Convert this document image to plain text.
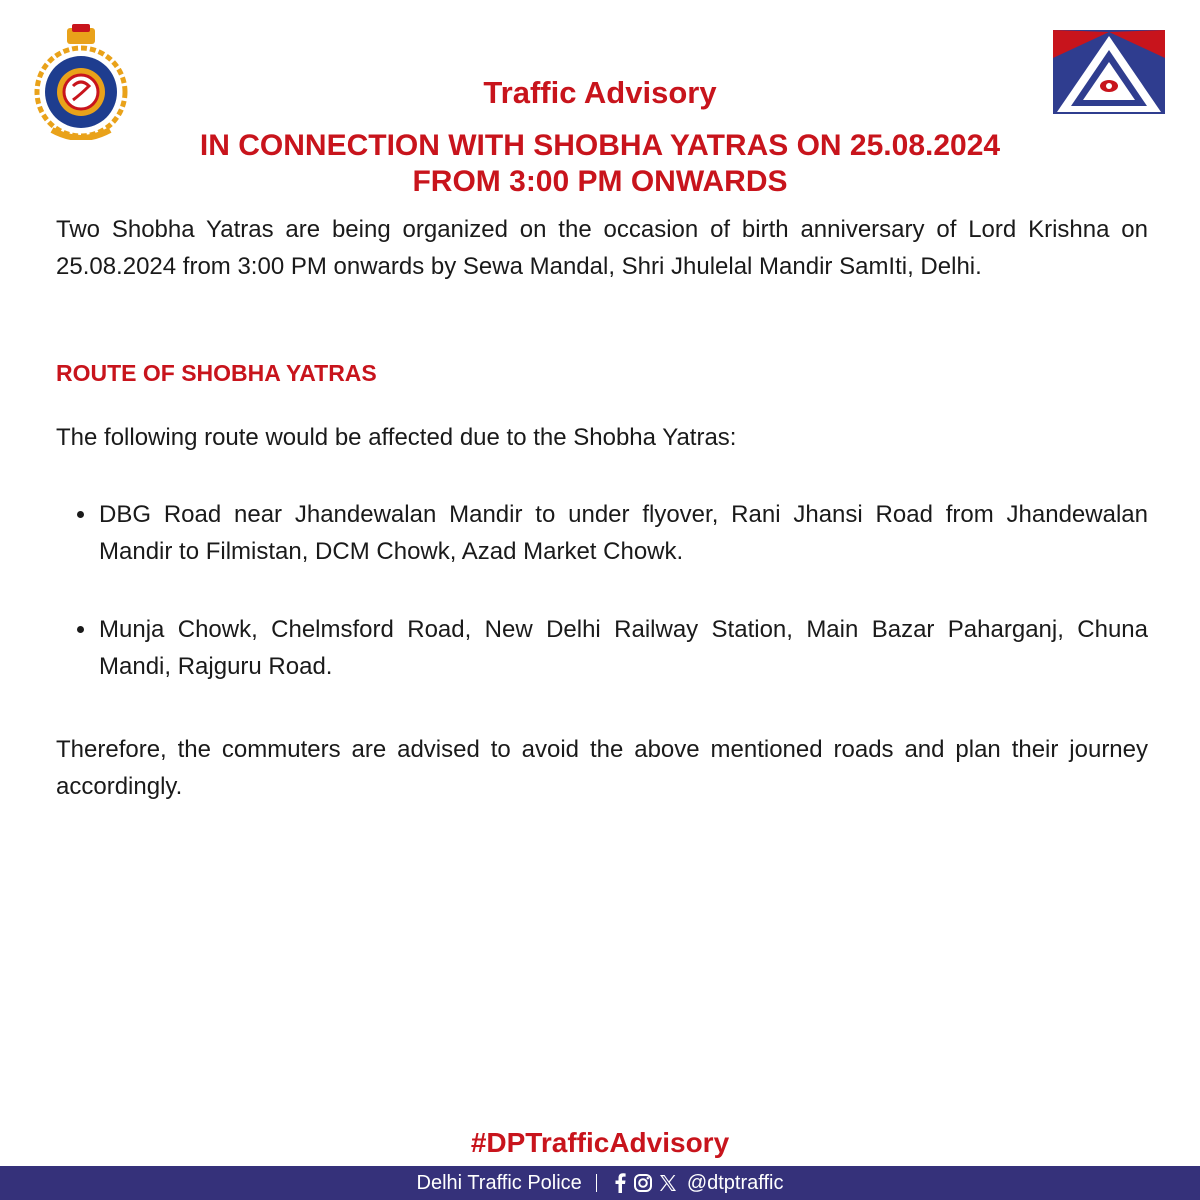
Traffic Advisory
IN CONNECTION WITH SHOBHA YATRAS ON 25.08.2024
FROM 3:00 PM ONWARDS

Two Shobha Yatras are being organized on the occasion of birth anniversary of Lord Krishna on 25.08.2024 from 3:00 PM onwards by Sewa Mandal, Shri Jhulelal Mandir SamIti, Delhi.

ROUTE OF SHOBHA YATRAS

The following route would be affected due to the Shobha Yatras:

DBG Road near Jhandewalan Mandir to under flyover, Rani Jhansi Road from Jhandewalan Mandir to Filmistan, DCM Chowk, Azad Market Chowk.
Munja Chowk, Chelmsford Road, New Delhi Railway Station, Main Bazar Paharganj, Chuna Mandi, Rajguru Road.

Therefore, the commuters are advised to avoid the above mentioned roads and plan their journey accordingly.

#DPTrafficAdvisory
Delhi Traffic Police	@dtptraffic
